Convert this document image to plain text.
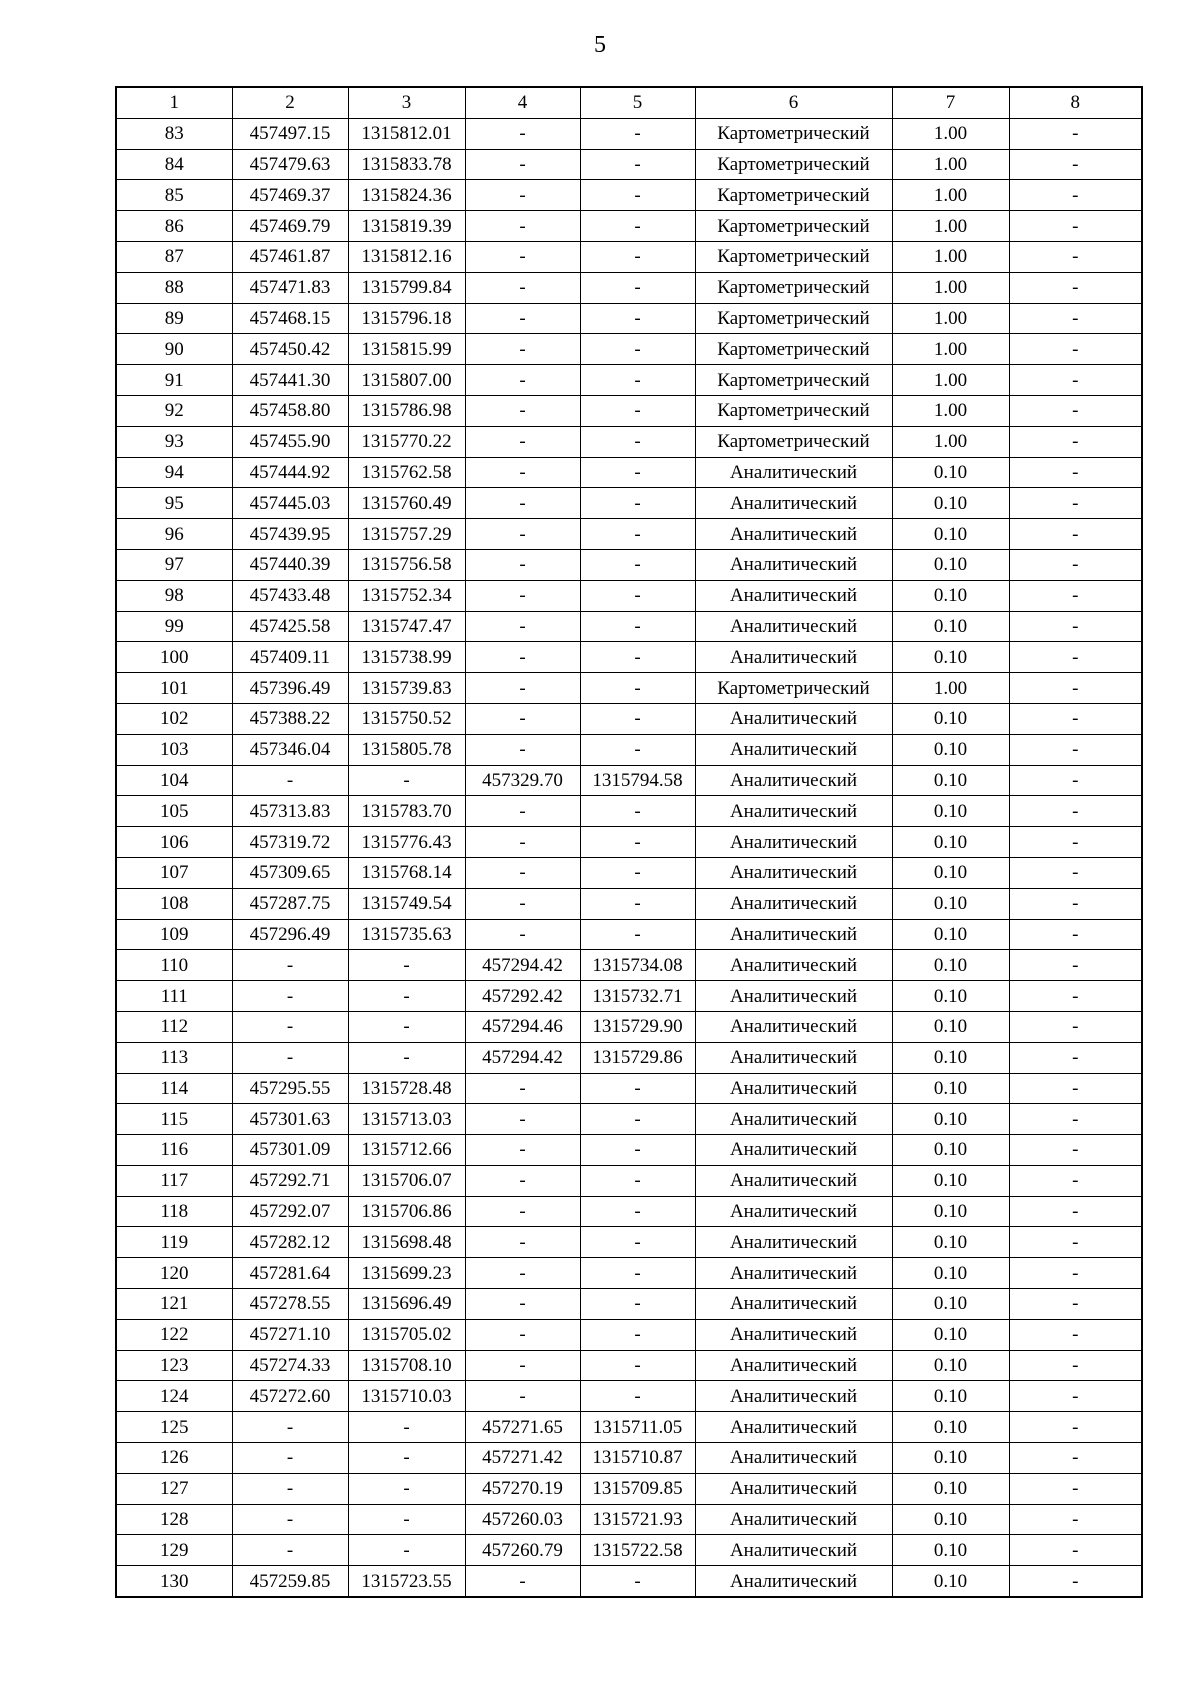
5
1	2	3	4	5	6	7	8
83	457497.15	1315812.01	-	-	Картометрический	1.00	-
84	457479.63	1315833.78	-	-	Картометрический	1.00	-
85	457469.37	1315824.36	-	-	Картометрический	1.00	-
86	457469.79	1315819.39	-	-	Картометрический	1.00	-
87	457461.87	1315812.16	-	-	Картометрический	1.00	-
88	457471.83	1315799.84	-	-	Картометрический	1.00	-
89	457468.15	1315796.18	-	-	Картометрический	1.00	-
90	457450.42	1315815.99	-	-	Картометрический	1.00	-
91	457441.30	1315807.00	-	-	Картометрический	1.00	-
92	457458.80	1315786.98	-	-	Картометрический	1.00	-
93	457455.90	1315770.22	-	-	Картометрический	1.00	-
94	457444.92	1315762.58	-	-	Аналитический	0.10	-
95	457445.03	1315760.49	-	-	Аналитический	0.10	-
96	457439.95	1315757.29	-	-	Аналитический	0.10	-
97	457440.39	1315756.58	-	-	Аналитический	0.10	-
98	457433.48	1315752.34	-	-	Аналитический	0.10	-
99	457425.58	1315747.47	-	-	Аналитический	0.10	-
100	457409.11	1315738.99	-	-	Аналитический	0.10	-
101	457396.49	1315739.83	-	-	Картометрический	1.00	-
102	457388.22	1315750.52	-	-	Аналитический	0.10	-
103	457346.04	1315805.78	-	-	Аналитический	0.10	-
104	-	-	457329.70	1315794.58	Аналитический	0.10	-
105	457313.83	1315783.70	-	-	Аналитический	0.10	-
106	457319.72	1315776.43	-	-	Аналитический	0.10	-
107	457309.65	1315768.14	-	-	Аналитический	0.10	-
108	457287.75	1315749.54	-	-	Аналитический	0.10	-
109	457296.49	1315735.63	-	-	Аналитический	0.10	-
110	-	-	457294.42	1315734.08	Аналитический	0.10	-
111	-	-	457292.42	1315732.71	Аналитический	0.10	-
112	-	-	457294.46	1315729.90	Аналитический	0.10	-
113	-	-	457294.42	1315729.86	Аналитический	0.10	-
114	457295.55	1315728.48	-	-	Аналитический	0.10	-
115	457301.63	1315713.03	-	-	Аналитический	0.10	-
116	457301.09	1315712.66	-	-	Аналитический	0.10	-
117	457292.71	1315706.07	-	-	Аналитический	0.10	-
118	457292.07	1315706.86	-	-	Аналитический	0.10	-
119	457282.12	1315698.48	-	-	Аналитический	0.10	-
120	457281.64	1315699.23	-	-	Аналитический	0.10	-
121	457278.55	1315696.49	-	-	Аналитический	0.10	-
122	457271.10	1315705.02	-	-	Аналитический	0.10	-
123	457274.33	1315708.10	-	-	Аналитический	0.10	-
124	457272.60	1315710.03	-	-	Аналитический	0.10	-
125	-	-	457271.65	1315711.05	Аналитический	0.10	-
126	-	-	457271.42	1315710.87	Аналитический	0.10	-
127	-	-	457270.19	1315709.85	Аналитический	0.10	-
128	-	-	457260.03	1315721.93	Аналитический	0.10	-
129	-	-	457260.79	1315722.58	Аналитический	0.10	-
130	457259.85	1315723.55	-	-	Аналитический	0.10	-
